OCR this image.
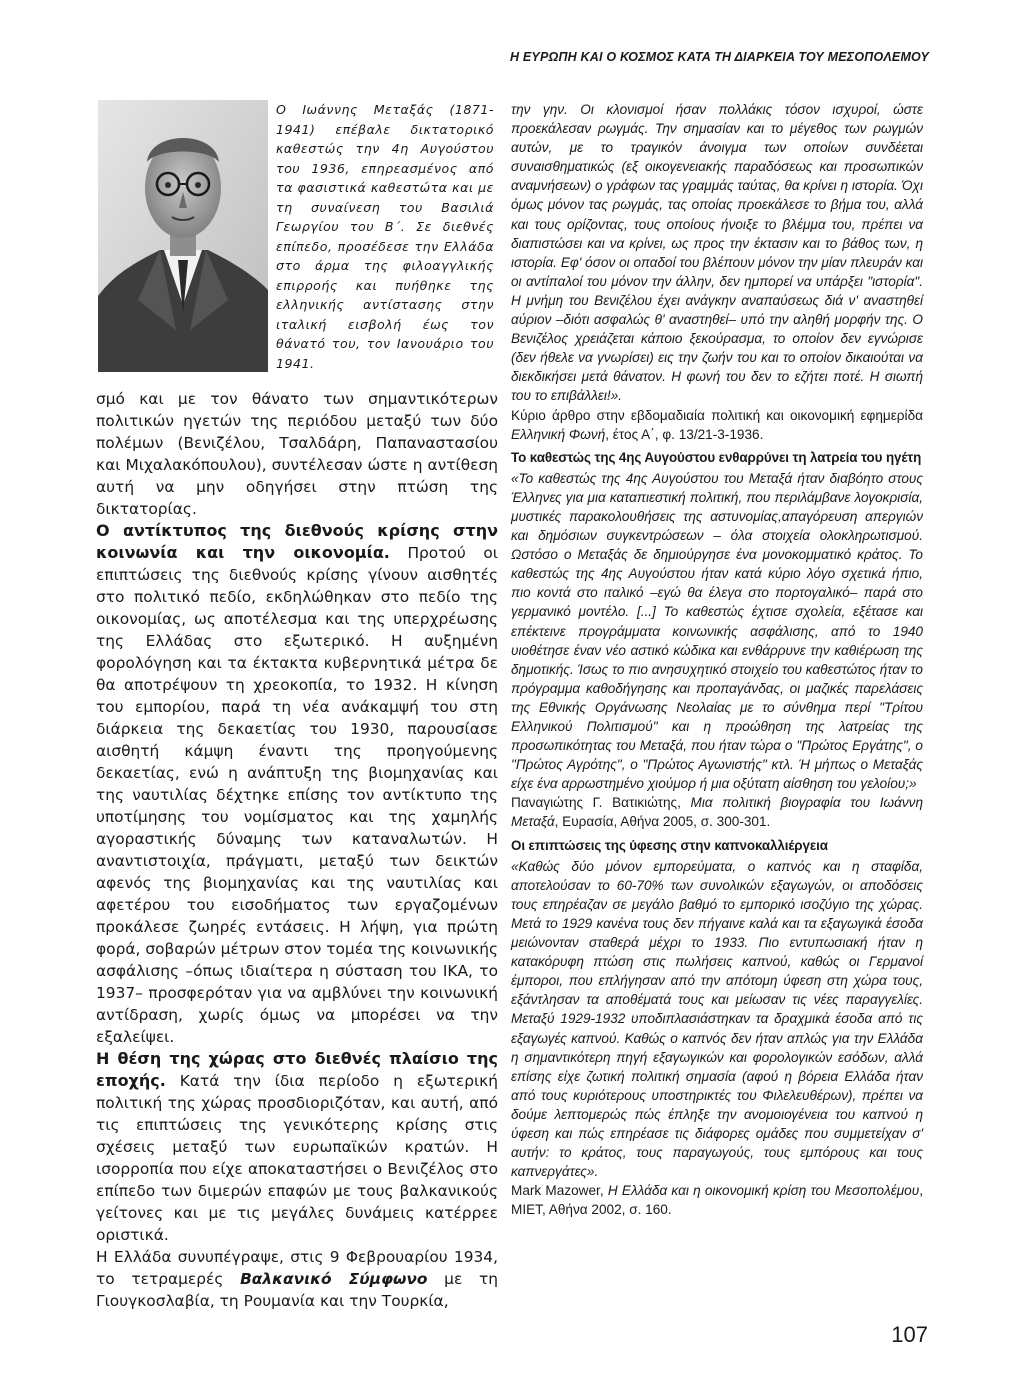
Η ΕΥΡΩΠΗ ΚΑΙ Ο ΚΟΣΜΟΣ ΚΑΤΑ ΤΗ ΔΙΑΡΚΕΙΑ ΤΟΥ ΜΕΣΟΠΟΛΕΜΟΥ
Ο Ιωάννης Μεταξάς (1871-1941) επέβαλε δικτατορικό καθεστώς την 4η Αυγούστου του 1936, επηρεασμένος από τα φασιστικά καθεστώτα και με τη συναίνεση του Βασιλιά Γεωργίου του Β΄. Σε διεθνές επίπεδο, προσέδεσε την Ελλάδα στο άρμα της φιλοαγγλικής επιρροής και πυήθηκε της ελληνικής αντίστασης στην ιταλική εισβολή έως τον θάνατό του, τον Ιανουάριο του 1941.

σμό και με τον θάνατο των σημαντικότερων πολιτικών ηγετών της περιόδου μεταξύ των δύο πολέμων (Βενιζέλου, Τσαλδάρη, Παπαναστασίου και Μιχαλακόπουλου), συντέλεσαν ώστε η αντίθεση αυτή να μην οδηγήσει στην πτώση της δικτατορίας.

Ο αντίκτυπος της διεθνούς κρίσης στην κοινωνία και την οικονομία. Προτού οι επιπτώσεις της διεθνούς κρίσης γίνουν αισθητές στο πολιτικό πεδίο, εκδηλώθηκαν στο πεδίο της οικονομίας, ως αποτέλεσμα και της υπερχρέωσης της Ελλάδας στο εξωτερικό. Η αυξημένη φορολόγηση και τα έκτακτα κυβερνητικά μέτρα δε θα αποτρέψουν τη χρεοκοπία, το 1932. Η κίνηση του εμπορίου, παρά τη νέα ανάκαμψή του στη διάρκεια της δεκαετίας του 1930, παρουσίασε αισθητή κάμψη έναντι της προηγούμενης δεκαετίας, ενώ η ανάπτυξη της βιομηχανίας και της ναυτιλίας δέχτηκε επίσης τον αντίκτυπο της υποτίμησης του νομίσματος και της χαμηλής αγοραστικής δύναμης των καταναλωτών. Η αναντιστοιχία, πράγματι, μεταξύ των δεικτών αφενός της βιομηχανίας και της ναυτιλίας και αφετέρου του εισοδήματος των εργαζομένων προκάλεσε ζωηρές εντάσεις. Η λήψη, για πρώτη φορά, σοβαρών μέτρων στον τομέα της κοινωνικής ασφάλισης –όπως ιδιαίτερα η σύσταση του ΙΚΑ, το 1937– προσφερόταν για να αμβλύνει την κοινωνική αντίδραση, χωρίς όμως να μπορέσει να την εξαλείψει.

Η θέση της χώρας στο διεθνές πλαίσιο της εποχής. Κατά την ίδια περίοδο η εξωτερική πολιτική της χώρας προσδιοριζόταν, και αυτή, από τις επιπτώσεις της γενικότερης κρίσης στις σχέσεις μεταξύ των ευρωπαϊκών κρατών. Η ισορροπία που είχε αποκαταστήσει ο Βενιζέλος στο επίπεδο των διμερών επαφών με τους βαλκανικούς γείτονες και με τις μεγάλες δυνάμεις κατέρρεε οριστικά.

Η Ελλάδα συνυπέγραψε, στις 9 Φεβρουαρίου 1934, το τετραμερές Βαλκανικό Σύμφωνο με τη Γιουγκοσλαβία, τη Ρουμανία και την Τουρκία,

την γην. Οι κλονισμοί ήσαν πολλάκις τόσον ισχυροί, ώστε προεκάλεσαν ρωγμάς. Την σημασίαν και το μέγεθος των ρωγμών αυτών, με το τραγικόν άνοιγμα των οποίων συνδέεται συναισθηματικώς (εξ οικογενειακής παραδόσεως και προσωπικών αναμνήσεων) ο γράφων τας γραμμάς ταύτας, θα κρίνει η ιστορία. Όχι όμως μόνον τας ρωγμάς, τας οποίας προεκάλεσε το βήμα του, αλλά και τους ορίζοντας, τους οποίους ήνοιξε το βλέμμα του, πρέπει να διαπιστώσει και να κρίνει, ως προς την έκτασιν και το βάθος των, η ιστορία. Εφ' όσον οι οπαδοί του βλέπουν μόνον την μίαν πλευράν και οι αντίπαλοί του μόνον την άλλην, δεν ημπορεί να υπάρξει "ιστορία". Η μνήμη του Βενιζέλου έχει ανάγκην αναπαύσεως διά ν' αναστηθεί αύριον –διότι ασφαλώς θ' αναστηθεί– υπό την αληθή μορφήν της. Ο Βενιζέλος χρειάζεται κάποιο ξεκούρασμα, το οποίον δεν εγνώρισε (δεν ήθελε να γνωρίσει) εις την ζωήν του και το οποίον δικαιούται να διεκδικήσει μετά θάνατον. Η φωνή του δεν το εζήτει ποτέ. Η σιωπή του το επιβάλλει!».

Κύριο άρθρο στην εβδομαδιαία πολιτική και οικονομική εφημερίδα Ελληνική Φωνή, έτος Α΄, φ. 13/21-3-1936.

Το καθεστώς της 4ης Αυγούστου ενθαρρύνει τη λατρεία του ηγέτη

«Το καθεστώς της 4ης Αυγούστου του Μεταξά ήταν διαβόητο στους Έλληνες για μια καταπιεστική πολιτική, που περιλάμβανε λογοκρισία, μυστικές παρακολουθήσεις της αστυνομίας,απαγόρευση απεργιών και δημόσιων συγκεντρώσεων – όλα στοιχεία ολοκληρωτισμού. Ωστόσο ο Μεταξάς δε δημιούργησε ένα μονοκομματικό κράτος. Το καθεστώς της 4ης Αυγούστου ήταν κατά κύριο λόγο σχετικά ήπιο, πιο κοντά στο ιταλικό –εγώ θα έλεγα στο πορτογαλικό– παρά στο γερμανικό μοντέλο. [...] Το καθεστώς έχτισε σχολεία, εξέτασε και επέκτεινε προγράμματα κοινωνικής ασφάλισης, από το 1940 υιοθέτησε έναν νέο αστικό κώδικα και ενθάρρυνε την καθιέρωση της δημοτικής. Ίσως το πιο ανησυχητικό στοιχείο του καθεστώτος ήταν το πρόγραμμα καθοδήγησης και προπαγάνδας, οι μαζικές παρελάσεις της Εθνικής Οργάνωσης Νεολαίας με το σύνθημα περί "Τρίτου Ελληνικού Πολιτισμού" και η προώθηση της λατρείας της προσωπικότητας του Μεταξά, που ήταν τώρα ο "Πρώτος Εργάτης", ο "Πρώτος Αγρότης", ο "Πρώτος Αγωνιστής" κτλ. Ή μήπως ο Μεταξάς είχε ένα αρρωστημένο χιούμορ ή μια οξύτατη αίσθηση του γελοίου;»

Παναγιώτης Γ. Βατικιώτης, Μια πολιτική βιογραφία του Ιωάννη Μεταξά, Ευρασία, Αθήνα 2005, σ. 300-301.

Οι επιπτώσεις της ύφεσης στην καπνοκαλλιέργεια

«Καθώς δύο μόνον εμπορεύματα, ο καπνός και η σταφίδα, αποτελούσαν το 60-70% των συνολικών εξαγωγών, οι αποδόσεις τους επηρέαζαν σε μεγάλο βαθμό το εμπορικό ισοζύγιο της χώρας. Μετά το 1929 κανένα τους δεν πήγαινε καλά και τα εξαγωγικά έσοδα μειώνονταν σταθερά μέχρι το 1933. Πιο εντυπωσιακή ήταν η κατακόρυφη πτώση στις πωλήσεις καπνού, καθώς οι Γερμανοί έμποροι, που επλήγησαν από την απότομη ύφεση στη χώρα τους, εξάντλησαν τα αποθέματά τους και μείωσαν τις νέες παραγγελίες. Μεταξύ 1929-1932 υποδιπλασιάστηκαν τα δραχμικά έσοδα από τις εξαγωγές καπνού. Καθώς ο καπνός δεν ήταν απλώς για την Ελλάδα η σημαντικότερη πηγή εξαγωγικών και φορολογικών εσόδων, αλλά επίσης είχε ζωτική πολιτική σημασία (αφού η βόρεια Ελλάδα ήταν από τους κυριότερους υποστηρικτές του Φιλελευθέρων), πρέπει να δούμε λεπτομερώς πώς έπληξε την ανομοιογένεια του καπνού η ύφεση και πώς επηρέασε τις διάφορες ομάδες που συμμετείχαν σ' αυτήν: το κράτος, τους παραγωγούς, τους εμπόρους και τους καπνεργάτες».

Mark Mazower, Η Ελλάδα και η οικονομική κρίση του Μεσοπολέμου, ΜΙΕΤ, Αθήνα 2002, σ. 160.

107
